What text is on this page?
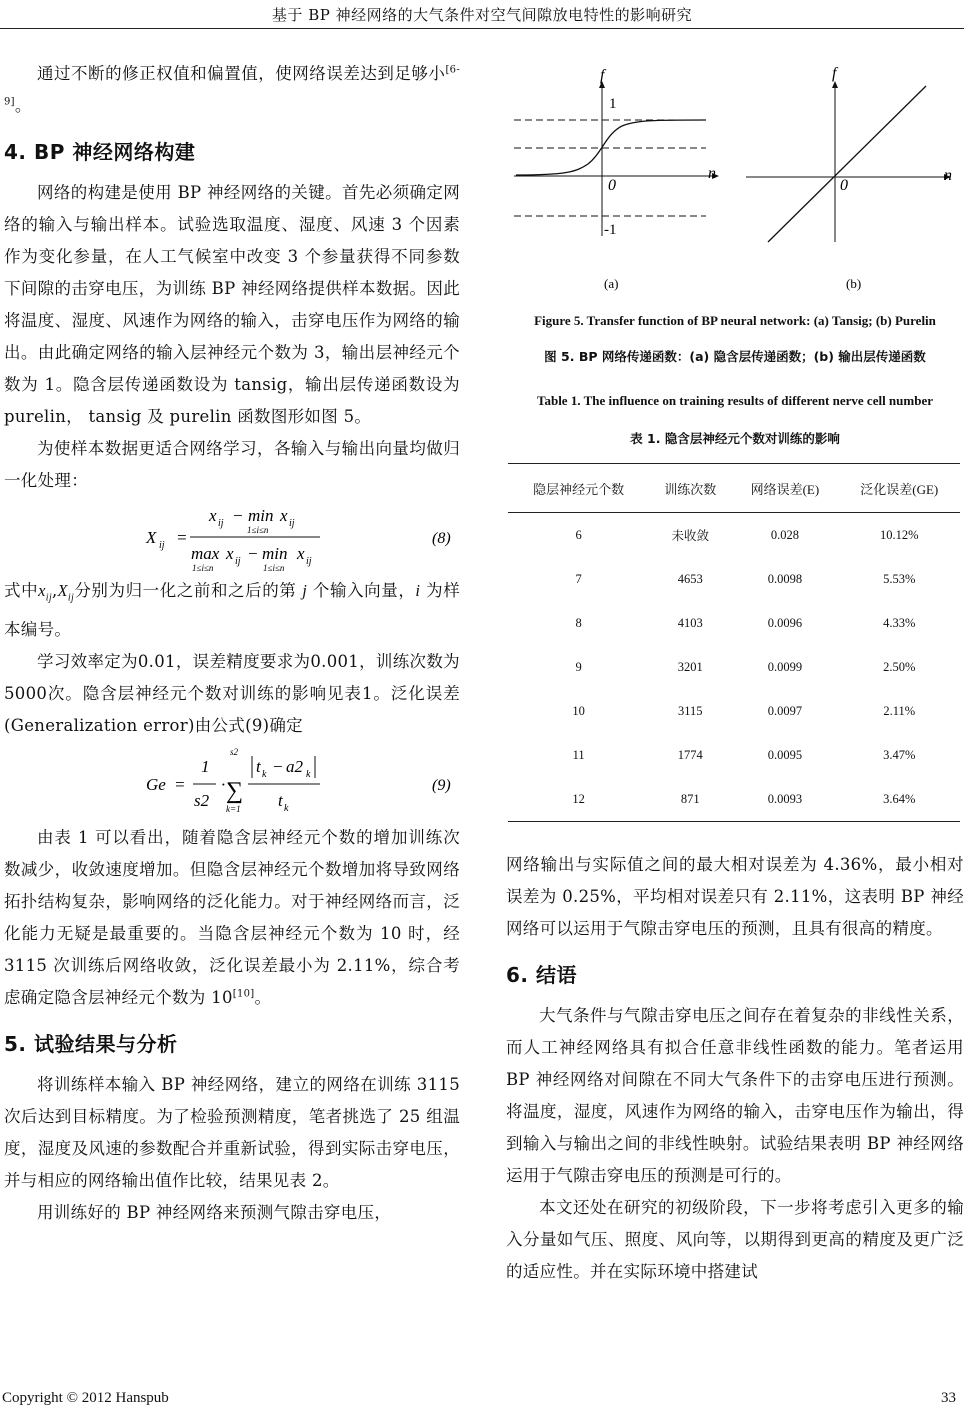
基于 BP 神经网络的大气条件对空气间隙放电特性的影响研究

通过不断的修正权值和偏置值，使网络误差达到足够小[6-9]。

4. BP 神经网络构建

网络的构建是使用 BP 神经网络的关键。首先必须确定网络的输入与输出样本。试验选取温度、湿度、风速 3 个因素作为变化参量，在人工气候室中改变 3 个参量获得不同参数下间隙的击穿电压，为训练 BP 神经网络提供样本数据。因此将温度、湿度、风速作为网络的输入，击穿电压作为网络的输出。由此确定网络的输入层神经元个数为 3，输出层神经元个数为 1。隐含层传递函数设为 tansig，输出层传递函数设为 purelin， tansig 及 purelin 函数图形如图 5。

为使样本数据更适合网络学习，各输入与输出向量均做归一化处理：

X ij =
x ij − min
1≤i≤n
x ij
max
1≤i≤n
x ij − min
1≤i≤n
x ij
(8)

式中$x_{ij},X_{ij}$分别为归一化之前和之后的第 j 个输入向量，i 为样本编号。

学习效率定为0.01，误差精度要求为0.001，训练次数为5000次。隐含层神经元个数对训练的影响见表1。泛化误差(Generalization error)由公式(9)确定

Ge =
1
s2
·
s2
∑
k=1
t k − a2 k
t k
(9)

由表 1 可以看出，随着隐含层神经元个数的增加训练次数减少，收敛速度增加。但隐含层神经元个数增加将导致网络拓扑结构复杂，影响网络的泛化能力。对于神经网络而言，泛化能力无疑是最重要的。当隐含层神经元个数为 10 时，经 3115 次训练后网络收敛，泛化误差最小为 2.11%，综合考虑确定隐含层神经元个数为 10[10]。

5. 试验结果与分析

将训练样本输入 BP 神经网络，建立的网络在训练 3115 次后达到目标精度。为了检验预测精度，笔者挑选了 25 组温度，湿度及风速的参数配合并重新试验，得到实际击穿电压，并与相应的网络输出值作比较，结果见表 2。

用训练好的 BP 神经网络来预测气隙击穿电压，

f
1
0
-1
n
(a)
f
0
n
(b)
Figure 5. Transfer function of BP neural network: (a) Tansig; (b) Purelin
图 5. BP 网络传递函数：(a) 隐含层传递函数；(b) 输出层传递函数
Table 1. The influence on training results of different nerve cell number
表 1. 隐含层神经元个数对训练的影响
隐层神经元个数	训练次数	网络误差(E)	泛化误差(GE)
6	未收敛	0.028	10.12%
7	4653	0.0098	5.53%
8	4103	0.0096	4.33%
9	3201	0.0099	2.50%
10	3115	0.0097	2.11%
11	1774	0.0095	3.47%
12	871	0.0093	3.64%

网络输出与实际值之间的最大相对误差为 4.36%，最小相对误差为 0.25%，平均相对误差只有 2.11%，这表明 BP 神经网络可以运用于气隙击穿电压的预测，且具有很高的精度。

6. 结语

大气条件与气隙击穿电压之间存在着复杂的非线性关系，而人工神经网络具有拟合任意非线性函数的能力。笔者运用 BP 神经网络对间隙在不同大气条件下的击穿电压进行预测。将温度，湿度，风速作为网络的输入，击穿电压作为输出，得到输入与输出之间的非线性映射。试验结果表明 BP 神经网络运用于气隙击穿电压的预测是可行的。

本文还处在研究的初级阶段，下一步将考虑引入更多的输入分量如气压、照度、风向等，以期得到更高的精度及更广泛的适应性。并在实际环境中搭建试

Copyright © 2012 Hanspub	33
